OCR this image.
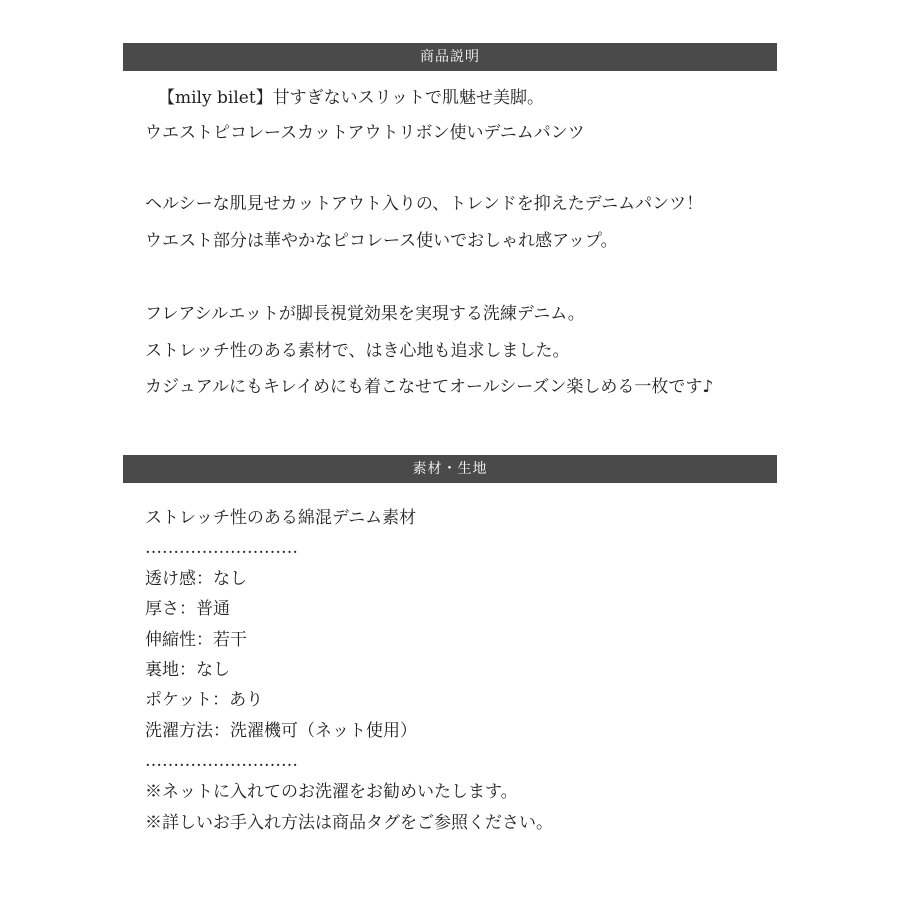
商品説明
【mily bilet】甘すぎないスリットで肌魅せ美脚。
ウエストピコレースカットアウトリボン使いデニムパンツ
ヘルシーな肌見せカットアウト入りの、トレンドを抑えたデニムパンツ！
ウエスト部分は華やかなピコレース使いでおしゃれ感アップ。
フレアシルエットが脚長視覚効果を実現する洗練デニム。
ストレッチ性のある素材で、はき心地も追求しました。
カジュアルにもキレイめにも着こなせてオールシーズン楽しめる一枚です♪
素材・生地
ストレッチ性のある綿混デニム素材
………………………
透け感：なし
厚さ：普通
伸縮性：若干
裏地：なし
ポケット：あり
洗濯方法：洗濯機可（ネット使用）
………………………
※ネットに入れてのお洗濯をお勧めいたします。
※詳しいお手入れ方法は商品タグをご参照ください。
